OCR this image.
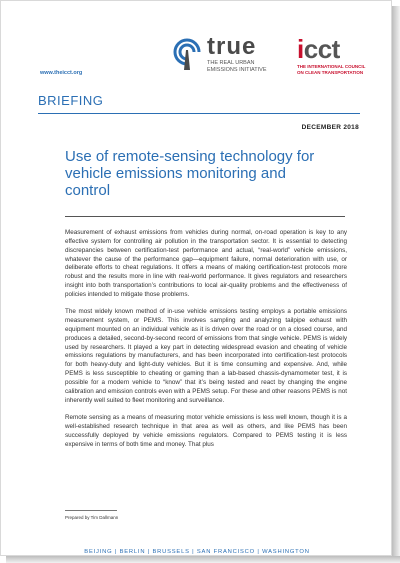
www.theicct.org
true
THE REAL URBAN EMISSIONS INITIATIVE
icct
THE INTERNATIONAL COUNCIL ON CLEAN TRANSPORTATION
BRIEFING
DECEMBER 2018
Use of remote-sensing technology for vehicle emissions monitoring and control

Measurement of exhaust emissions from vehicles during normal, on-road operation is key to any effective system for controlling air pollution in the transportation sector. It is essential to detecting discrepancies between certification-test performance and actual, “real-world” vehicle emissions, whatever the cause of the performance gap—equipment failure, normal deterioration with use, or deliberate efforts to cheat regulations. It offers a means of making certification-test protocols more robust and the results more in line with real-world performance. It gives regulators and researchers insight into both transportation’s contributions to local air-quality problems and the effectiveness of policies intended to mitigate those problems.

The most widely known method of in-use vehicle emissions testing employs a portable emissions measurement system, or PEMS. This involves sampling and analyzing tailpipe exhaust with equipment mounted on an individual vehicle as it is driven over the road or on a closed course, and produces a detailed, second-by-second record of emissions from that single vehicle. PEMS is widely used by researchers. It played a key part in detecting widespread evasion and cheating of vehicle emissions regulations by manufacturers, and has been incorporated into certification-test protocols for both heavy-duty and light-duty vehicles. But it is time consuming and expensive. And, while PEMS is less susceptible to cheating or gaming than a lab-based chassis-dynamometer test, it is possible for a modern vehicle to “know” that it’s being tested and react by changing the engine calibration and emission controls even with a PEMS setup. For these and other reasons PEMS is not inherently well suited to fleet monitoring and surveillance.

Remote sensing as a means of measuring motor vehicle emissions is less well known, though it is a well-established research technique in that area as well as others, and like PEMS has been successfully deployed by vehicle emissions regulators. Compared to PEMS testing it is less expensive in terms of both time and money. That plus

Prepared by Tim Dallmann
BEIJING | BERLIN | BRUSSELS | SAN FRANCISCO | WASHINGTON
